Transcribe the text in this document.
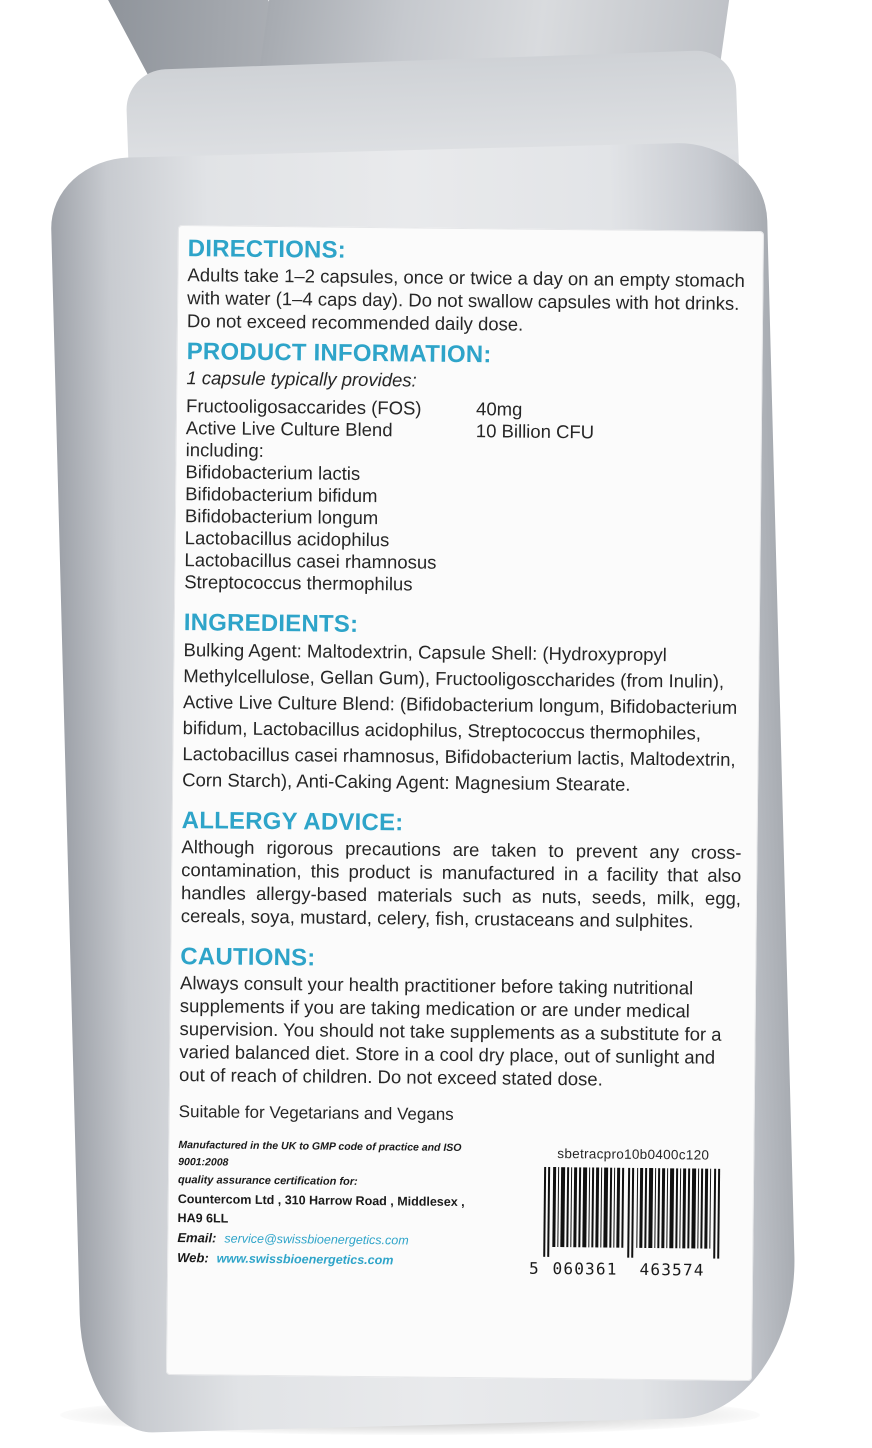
DIRECTIONS:

Adults take 1–2 capsules, once or twice a day on an empty stomach with water (1–4 caps day). Do not swallow capsules with hot drinks. Do not exceed recommended daily dose.

PRODUCT INFORMATION:

1 capsule typically provides:

Fructooligosaccarides (FOS)	40mg
Active Live Culture Blend	10 Billion CFU
including:
Bifidobacterium lactis
Bifidobacterium bifidum
Bifidobacterium longum
Lactobacillus acidophilus
Lactobacillus casei rhamnosus
Streptococcus thermophilus
INGREDIENTS:

Bulking Agent: Maltodextrin, Capsule Shell: (Hydroxypropyl Methylcellulose, Gellan Gum), Fructooligosccharides (from Inulin), Active Live Culture Blend: (Bifidobacterium longum, Bifidobacterium bifidum, Lactobacillus acidophilus, Streptococcus thermophiles, Lactobacillus casei rhamnosus, Bifidobacterium lactis, Maltodextrin, Corn Starch), Anti-Caking Agent: Magnesium Stearate.

ALLERGY ADVICE:

Although rigorous precautions are taken to prevent any cross-contamination, this product is manufactured in a facility that also handles allergy-based materials such as nuts, seeds, milk, egg, cereals, soya, mustard, celery, fish, crustaceans and sulphites.

CAUTIONS:

Always consult your health practitioner before taking nutritional supplements if you are taking medication or are under medical supervision. You should not take supplements as a substitute for a varied balanced diet. Store in a cool dry place, out of sunlight and out of reach of children. Do not exceed stated dose.

Suitable for Vegetarians and Vegans

Manufactured in the UK to GMP code of practice and ISO 9001:2008
quality assurance certification for:
Countercom Ltd , 310 Harrow Road , Middlesex ,
HA9 6LL
Email: service@swissbioenergetics.com
Web: www.swissbioenergetics.com
sbetracpro10b0400c120
5 060361	463574
